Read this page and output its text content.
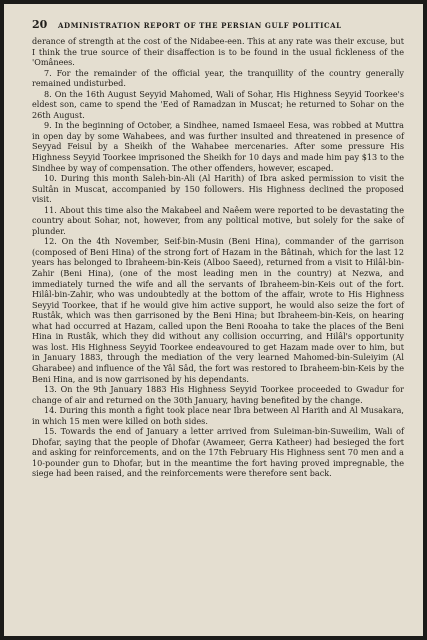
20	ADMINISTRATION REPORT OF THE PERSIAN GULF POLITICAL

derance of strength at the cost of the Nidabee-een. This at any rate was their excuse, but I think the true source of their disaffection is to be found in the usual fickleness of the 'Omânees.

7. For the remainder of the official year, the tranquillity of the country generally remained undisturbed.

8. On the 16th August Seyyid Mahomed, Wali of Sohar, His Highness Seyyid Toorkee's eldest son, came to spend the 'Eed of Ramadzan in Muscat; he returned to Sohar on the 26th August.

9. In the beginning of October, a Sindhee, named Ismaeel Eesa, was robbed at Muttra in open day by some Wahabees, and was further insulted and threatened in presence of Seyyad Feisul by a Sheikh of the Wahabee mercenaries. After some pressure His Highness Seyyid Toorkee imprisoned the Sheikh for 10 days and made him pay $13 to the Sindhee by way of compensation. The other offenders, however, escaped.

10. During this month Saleh-bin-Ali (Al Harith) of Ibra asked permission to visit the Sultân in Muscat, accompanied by 150 followers. His Highness declined the proposed visit.

11. About this time also the Makabeel and Naêem were reported to be devastating the country about Sohar, not, however, from any political motive, but solely for the sake of plunder.

12. On the 4th November, Seif-bin-Musin (Beni Hina), commander of the garrison (composed of Beni Hina) of the strong fort of Hazam in the Bâtinah, which for the last 12 years has belonged to Ibraheem-bin-Keis (Alboo Saeed), returned from a visit to Hilâl-bin-Zahir (Beni Hina), (one of the most leading men in the country) at Nezwa, and immediately turned the wife and all the servants of Ibraheem-bin-Keis out of the fort. Hilâl-bin-Zahir, who was undoubtedly at the bottom of the affair, wrote to His Highness Seyyid Toorkee, that if he would give him active support, he would also seize the fort of Rustâk, which was then garrisoned by the Beni Hina; but Ibraheem-bin-Keis, on hearing what had occurred at Hazam, called upon the Beni Rooaha to take the places of the Beni Hina in Rustâk, which they did without any collision occurring, and Hilâl's opportunity was lost. His Highness Seyyid Toorkee endeavoured to get Hazam made over to him, but in January 1883, through the mediation of the very learned Mahomed-bin-Suleiyim (Al Gharabee) and influence of the Yâl Sâd, the fort was restored to Ibraheem-bin-Keis by the Beni Hina, and is now garrisoned by his dependants.

13. On the 9th January 1883 His Highness Seyyid Toorkee proceeded to Gwadur for change of air and returned on the 30th January, having benefited by the change.

14. During this month a fight took place near Ibra between Al Harith and Al Musakara, in which 15 men were killed on both sides.

15. Towards the end of January a letter arrived from Suleiman-bin-Suweilim, Wali of Dhofar, saying that the people of Dhofar (Awameer, Gerra Katheer) had besieged the fort and asking for reinforcements, and on the 17th February His Highness sent 70 men and a 10-pounder gun to Dhofar, but in the meantime the fort having proved impregnable, the siege had been raised, and the reinforcements were therefore sent back.
